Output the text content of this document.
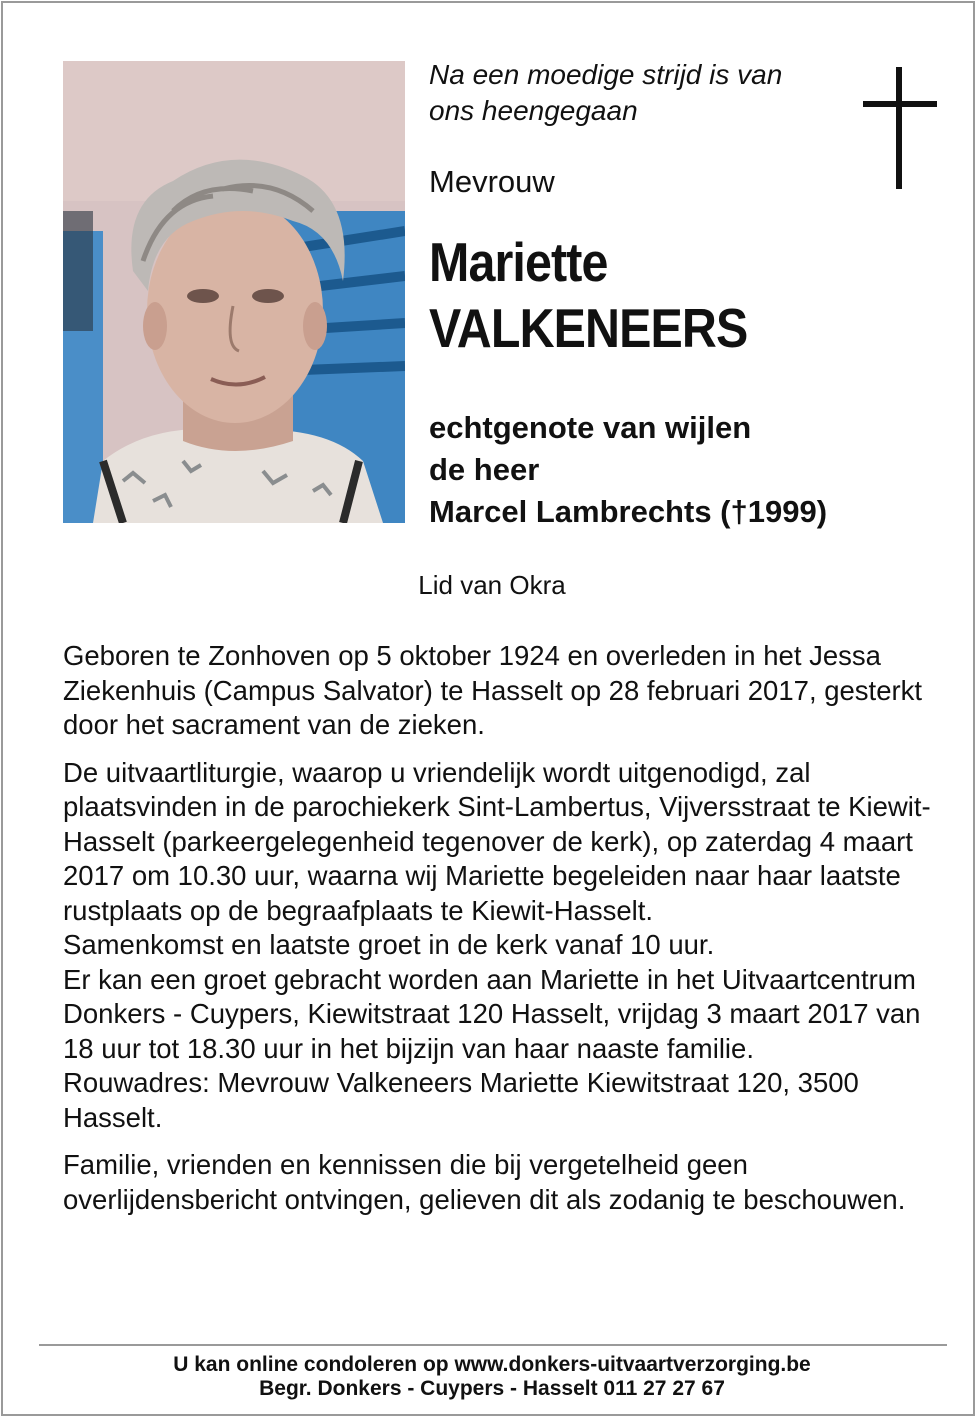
Na een moedige strijd is van
ons heengegaan
Mevrouw
Mariette
VALKENEERS
echtgenote van wijlen
de heer
Marcel Lambrechts (†1999)
Lid van Okra

Geboren te Zonhoven op 5 oktober 1924 en overleden in het Jessa Ziekenhuis (Campus Salvator) te Hasselt op 28 februari 2017, gesterkt door het sacrament van de zieken.

De uitvaartliturgie, waarop u vriendelijk wordt uitgenodigd, zal plaatsvinden in de parochiekerk Sint-Lambertus, Vijversstraat te Kiewit-Hasselt (parkeergelegenheid tegenover de kerk), op zaterdag 4 maart 2017 om 10.30 uur, waarna wij Mariette begeleiden naar haar laatste rustplaats op de begraafplaats te Kiewit-Hasselt.

Samenkomst en laatste groet in de kerk vanaf 10 uur.

Er kan een groet gebracht worden aan Mariette in het Uitvaartcentrum Donkers - Cuypers, Kiewitstraat 120 Hasselt, vrijdag 3 maart 2017 van 18 uur tot 18.30 uur in het bijzijn van haar naaste familie.

Rouwadres: Mevrouw Valkeneers Mariette Kiewitstraat 120, 3500 Hasselt.

Familie, vrienden en kennissen die bij vergetelheid geen overlijdensbericht ontvingen, gelieven dit als zodanig te beschouwen.

U kan online condoleren op www.donkers-uitvaartverzorging.be
Begr. Donkers - Cuypers - Hasselt 011 27 27 67
